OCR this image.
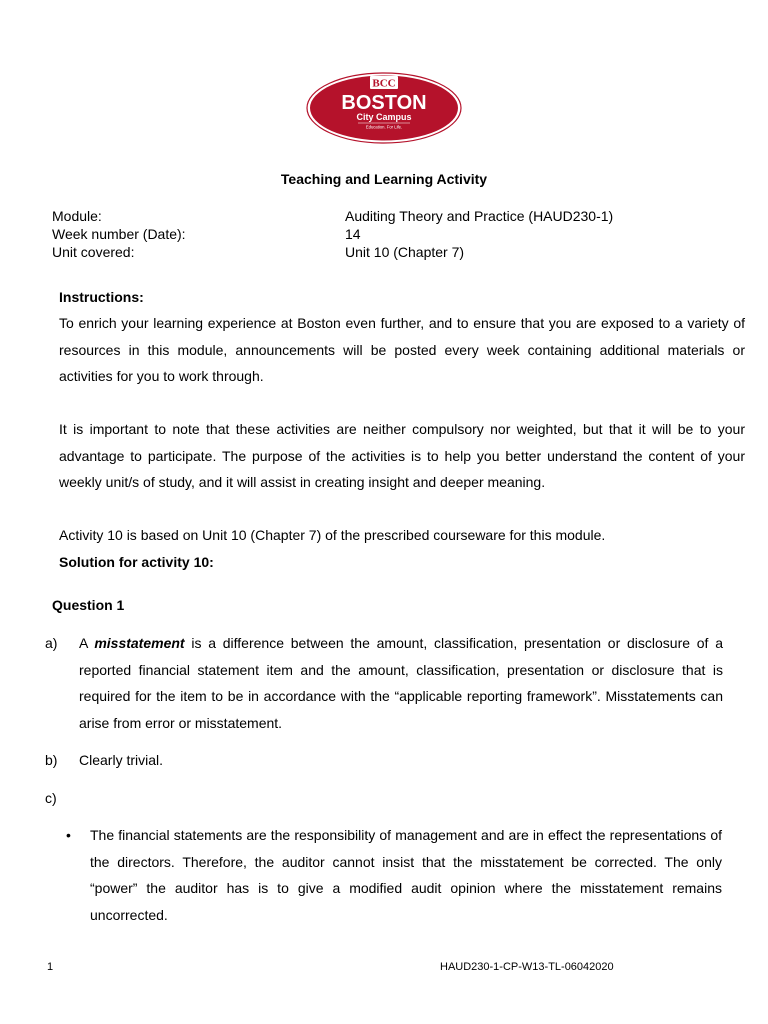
BCC
BOSTON
City Campus
Education. For Life.
Teaching and Learning Activity
Module:	Auditing Theory and Practice (HAUD230-1)
Week number (Date):	14
Unit covered:	Unit 10 (Chapter 7)
Instructions:
To enrich your learning experience at Boston even further, and to ensure that you are exposed to a variety of resources in this module, announcements will be posted every week containing additional materials or activities for you to work through.
It is important to note that these activities are neither compulsory nor weighted, but that it will be to your advantage to participate. The purpose of the activities is to help you better understand the content of your weekly unit/s of study, and it will assist in creating insight and deeper meaning.
Activity 10 is based on Unit 10 (Chapter 7) of the prescribed courseware for this module.
Solution for activity 10:
Question 1
a) A misstatement is a difference between the amount, classification, presentation or disclosure of a reported financial statement item and the amount, classification, presentation or disclosure that is required for the item to be in accordance with the “applicable reporting framework”. Misstatements can arise from error or misstatement.
b) Clearly trivial.
c)
• The financial statements are the responsibility of management and are in effect the representations of the directors. Therefore, the auditor cannot insist that the misstatement be corrected. The only “power” the auditor has is to give a modified audit opinion where the misstatement remains uncorrected.
1	HAUD230-1-CP-W13-TL-06042020
